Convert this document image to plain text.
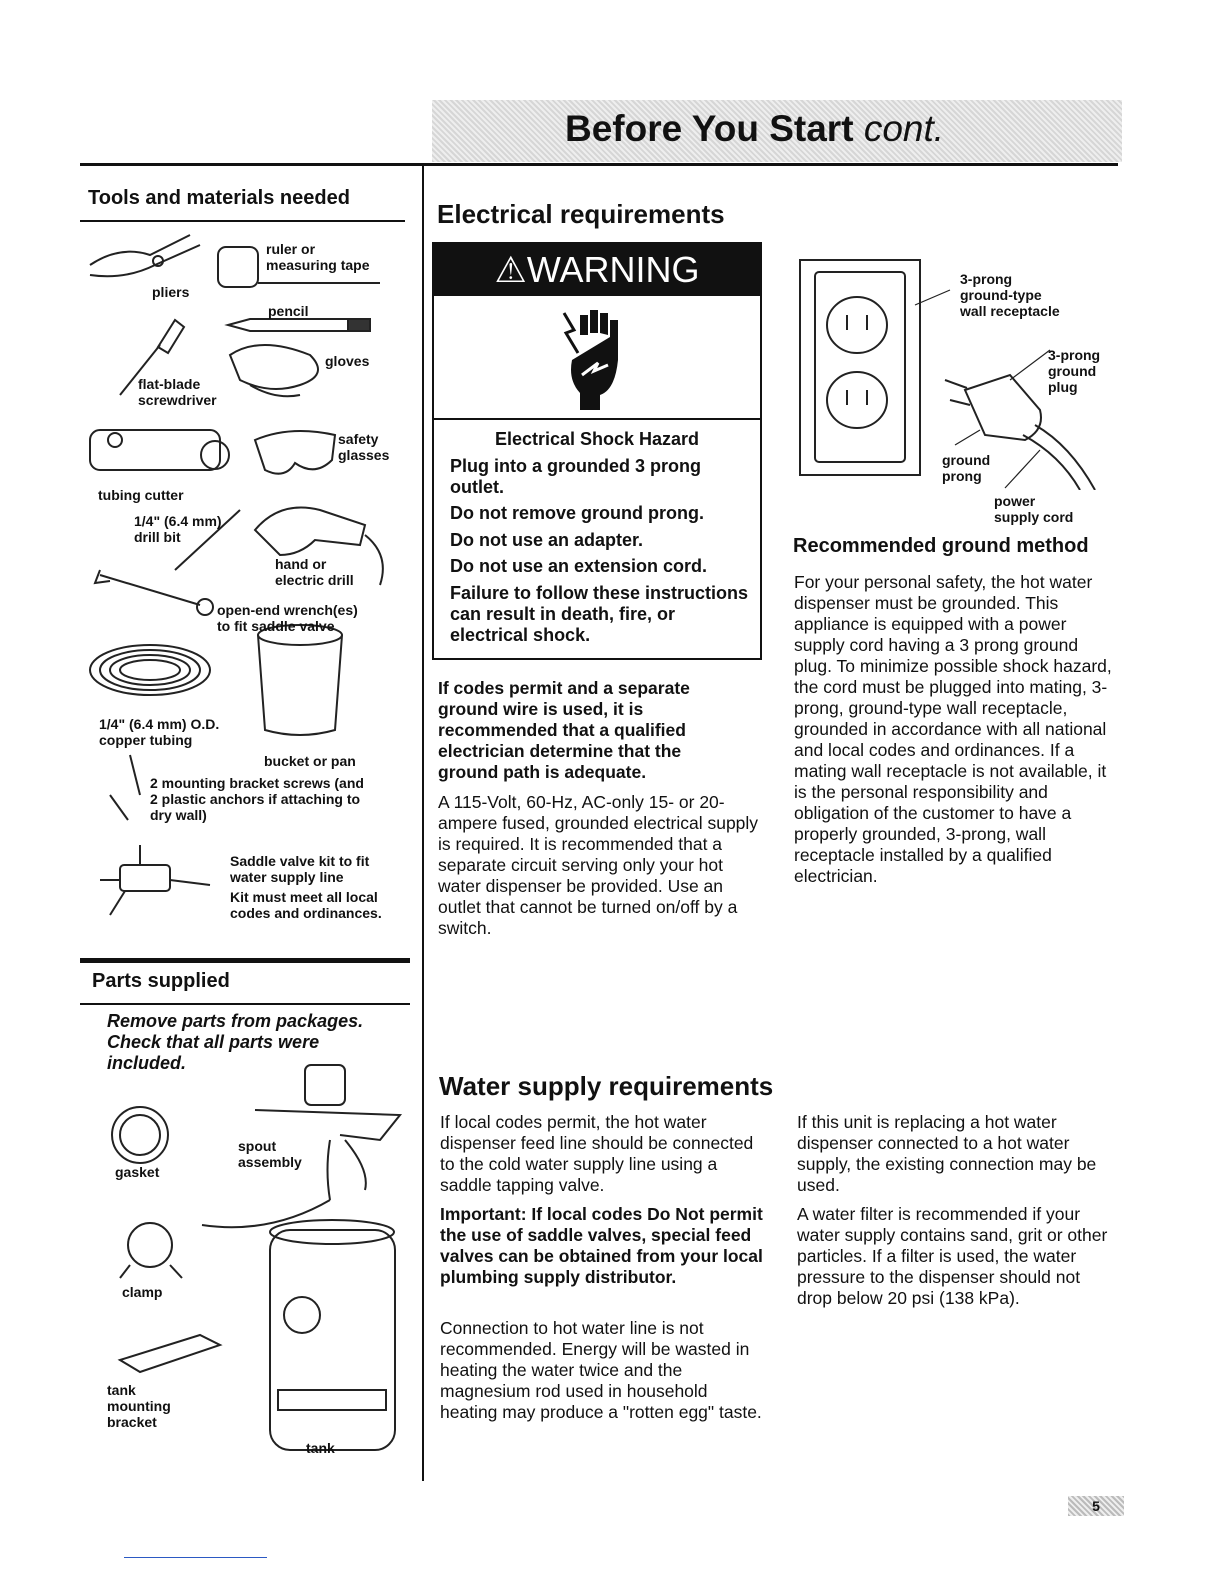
Before You Start cont.
Tools and materials needed
ruler or
measuring tape
pliers
pencil
gloves
flat-blade
screwdriver
safety
glasses
tubing cutter
1/4" (6.4 mm)
drill bit
hand or
electric drill
open-end wrench(es)
to fit saddle valve
1/4" (6.4 mm) O.D.
copper tubing
bucket or pan
2 mounting bracket screws (and
2 plastic anchors if attaching to
dry wall)
Saddle valve kit to fit
water supply line
Kit must meet all local
codes and ordinances.
Parts supplied
Remove parts from packages.
Check that all parts were
included.
gasket
spout
assembly
clamp
tank
mounting
bracket
tank
Electrical requirements
⚠WARNING
Electrical Shock Hazard
Plug into a grounded 3 prong outlet.
Do not remove ground prong.
Do not use an adapter.
Do not use an extension cord.
Failure to follow these instructions can result in death, fire, or electrical shock.
If codes permit and a separate ground wire is used, it is recommended that a qualified electrician determine that the ground path is adequate.
A 115-Volt, 60-Hz, AC-only 15- or 20- ampere fused, grounded electrical supply is required. It is recommended that a separate circuit serving only your hot water dispenser be provided. Use an outlet that cannot be turned on/off by a switch.
3-prong
ground-type
wall receptacle
3-prong
ground
plug
ground
prong
power
supply cord
Recommended ground method
For your personal safety, the hot water dispenser must be grounded. This appliance is equipped with a power supply cord having a 3 prong ground plug. To minimize possible shock hazard, the cord must be plugged into mating, 3-prong, ground-type wall receptacle, grounded in accordance with all national and local codes and ordinances. If a mating wall receptacle is not available, it is the personal responsibility and obligation of the customer to have a properly grounded, 3-prong, wall receptacle installed by a qualified electrician.
Water supply requirements
If local codes permit, the hot water dispenser feed line should be connected to the cold water supply line using a saddle tapping valve.
Important: If local codes Do Not permit the use of saddle valves, special feed valves can be obtained from your local plumbing supply distributor.
Connection to hot water line is not recommended. Energy will be wasted in heating the water twice and the magnesium rod used in household heating may produce a "rotten egg" taste.
If this unit is replacing a hot water dispenser connected to a hot water supply, the existing connection may be used.
A water filter is recommended if your water supply contains sand, grit or other particles. If a filter is used, the water pressure to the dispenser should not drop below 20 psi (138 kPa).
5
